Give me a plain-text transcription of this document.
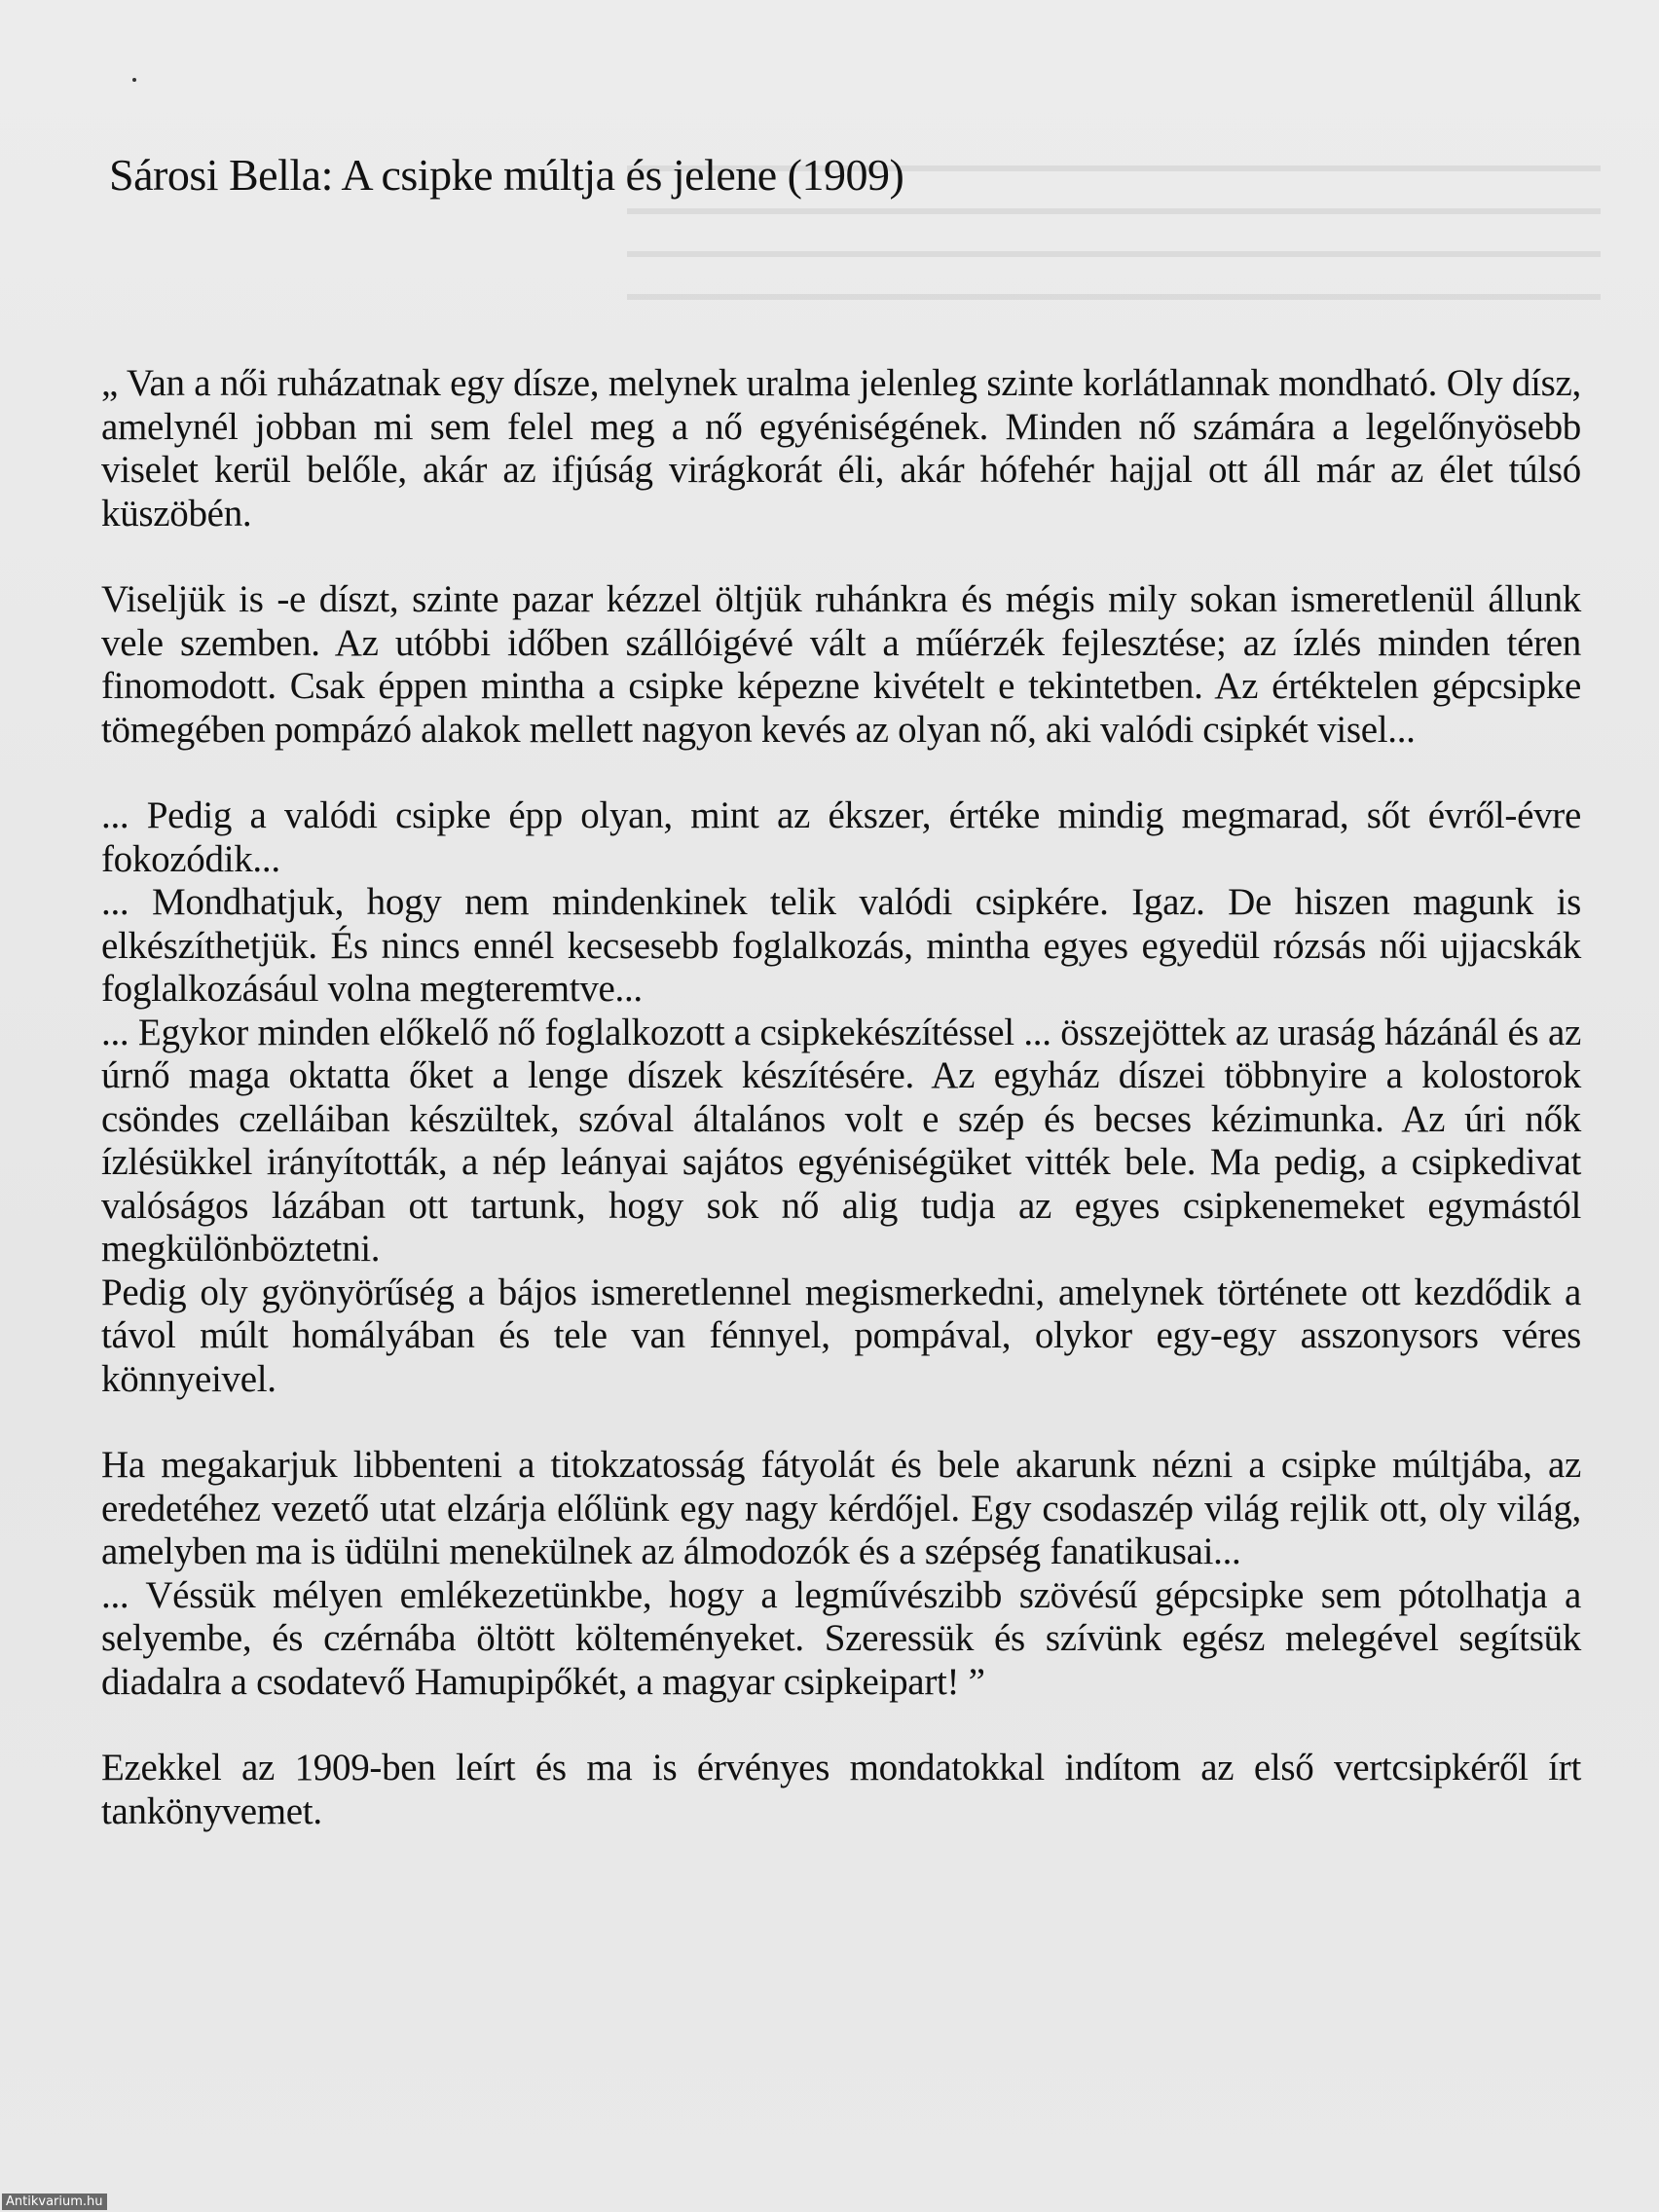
Sárosi Bella: A csipke múltja és jelene (1909)

„ Van a női ruházatnak egy dísze, melynek uralma jelenleg szinte korlátlannak mondható. Oly dísz, amelynél jobban mi sem felel meg a nő egyéniségének. Minden nő számára a legelőnyösebb viselet kerül belőle, akár az ifjúság virágkorát éli, akár hófehér hajjal ott áll már az élet túlsó küszöbén.

Viseljük is -e díszt, szinte pazar kézzel öltjük ruhánkra és mégis mily sokan ismeretlenül állunk vele szemben. Az utóbbi időben szállóigévé vált a műérzék fejlesztése; az ízlés minden téren finomodott. Csak éppen mintha a csipke képezne kivételt e tekintetben. Az értéktelen gépcsipke tömegében pompázó alakok mellett nagyon kevés az olyan nő, aki valódi csipkét visel...

... Pedig a valódi csipke épp olyan, mint az ékszer, értéke mindig megmarad, sőt évről-évre fokozódik...

... Mondhatjuk, hogy nem mindenkinek telik valódi csipkére. Igaz. De hiszen magunk is elkészíthetjük. És nincs ennél kecsesebb foglalkozás, mintha egyes egyedül rózsás női ujjacskák foglalkozásául volna megteremtve...

... Egykor minden előkelő nő foglalkozott a csipkekészítéssel ... összejöttek az uraság házánál és az úrnő maga oktatta őket a lenge díszek készítésére. Az egyház díszei többnyire a kolostorok csöndes czelláiban készültek, szóval általános volt e szép és becses kézimunka. Az úri nők ízlésükkel irányították, a nép leányai sajátos egyéniségüket vitték bele. Ma pedig, a csipkedivat valóságos lázában ott tartunk, hogy sok nő alig tudja az egyes csipkenemeket egymástól megkülönböztetni.

Pedig oly gyönyörűség a bájos ismeretlennel megismerkedni, amelynek története ott kezdődik a távol múlt homályában és tele van fénnyel, pompával, olykor egy-egy asszonysors véres könnyeivel.

Ha megakarjuk libbenteni a titokzatosság fátyolát és bele akarunk nézni a csipke múltjába, az eredetéhez vezető utat elzárja előlünk egy nagy kérdőjel. Egy csodaszép világ rejlik ott, oly világ, amelyben ma is üdülni menekülnek az álmodozók és a szépség fanatikusai...

... Véssük mélyen emlékezetünkbe, hogy a legművészibb szövésű gépcsipke sem pótolhatja a selyembe, és czérnába öltött költeményeket. Szeressük és szívünk egész melegével segítsük diadalra a csodatevő Hamupipőkét, a magyar csipkeipart! ”

Ezekkel az 1909-ben leírt és ma is érvényes mondatokkal indítom az első vertcsipkéről írt tankönyvemet.

Antikvarium.hu
